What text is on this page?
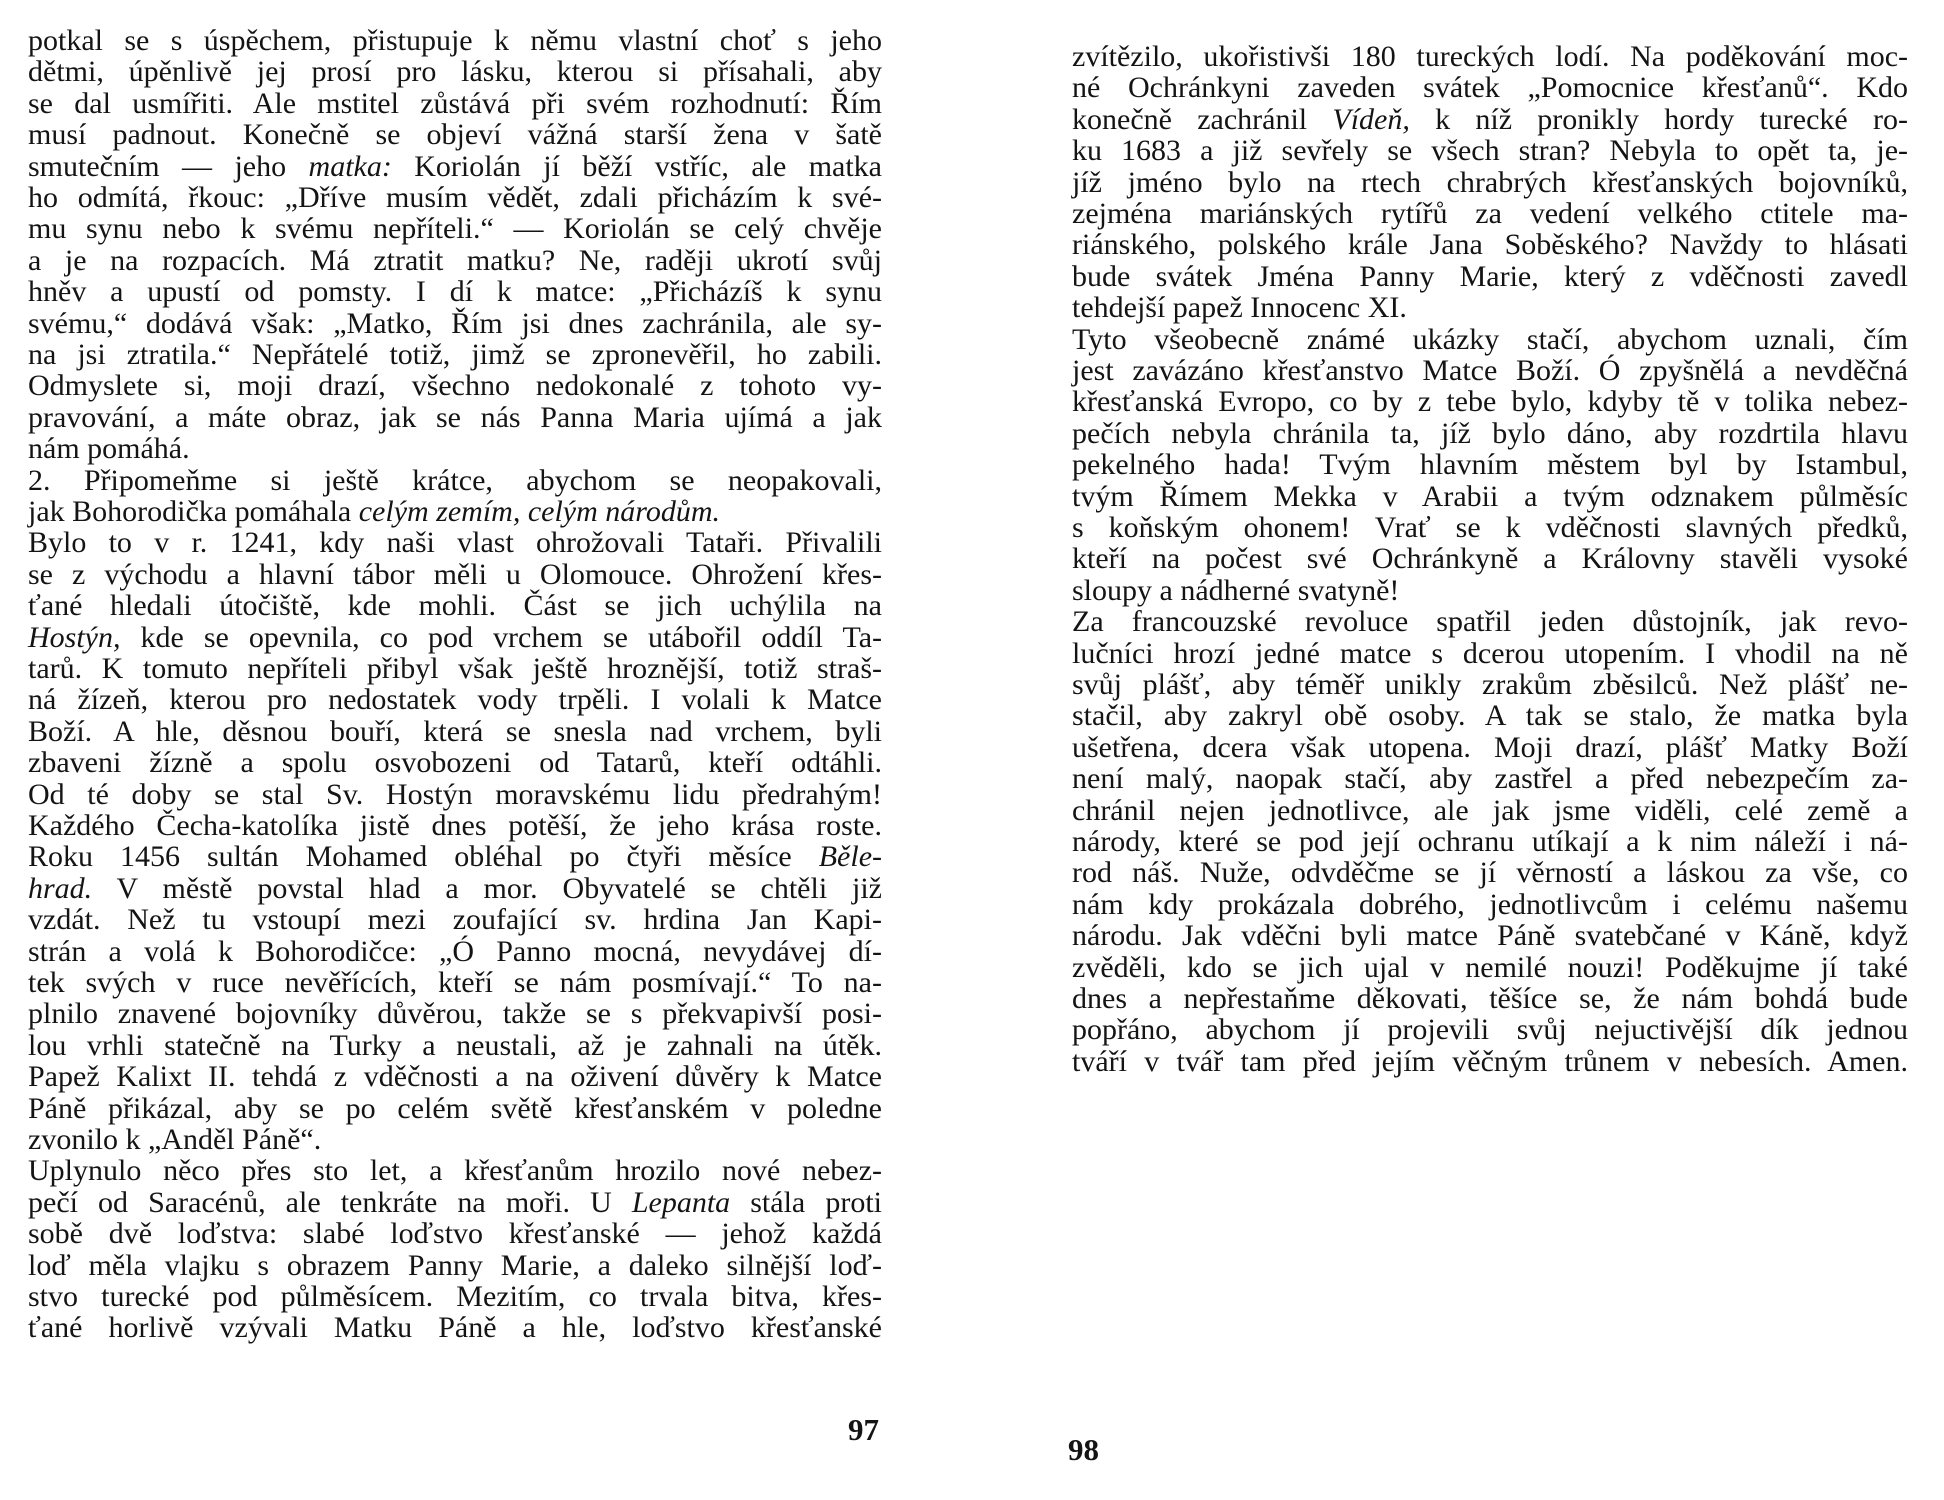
potkal se s úspěchem, přistupuje k němu vlastní choť s jeho
dětmi, úpěnlivě jej prosí pro lásku, kterou si přísahali, aby
se dal usmířiti. Ale mstitel zůstává při svém rozhodnutí: Řím
musí padnout. Konečně se objeví vážná starší žena v šatě
smutečním — jeho matka: Koriolán jí běží vstříc, ale matka
ho odmítá, řkouc: „Dříve musím vědět, zdali přicházím k své-
mu synu nebo k svému nepříteli.“ — Koriolán se celý chvěje
a je na rozpacích. Má ztratit matku? Ne, raději ukrotí svůj
hněv a upustí od pomsty. I dí k matce: „Přicházíš k synu
svému,“ dodává však: „Matko, Řím jsi dnes zachránila, ale sy-
na jsi ztratila.“ Nepřátelé totiž, jimž se zpronevěřil, ho zabili.
Odmyslete si, moji drazí, všechno nedokonalé z tohoto vy-
pravování, a máte obraz, jak se nás Panna Maria ujímá a jak
nám pomáhá.
2. Připomeňme si ještě krátce, abychom se neopakovali,
jak Bohorodička pomáhala celým zemím, celým národům.
Bylo to v r. 1241, kdy naši vlast ohrožovali Tataři. Přivalili
se z východu a hlavní tábor měli u Olomouce. Ohrožení křes-
ťané hledali útočiště, kde mohli. Část se jich uchýlila na
Hostýn, kde se opevnila, co pod vrchem se utábořil oddíl Ta-
tarů. K tomuto nepříteli přibyl však ještě hroznější, totiž straš-
ná žízeň, kterou pro nedostatek vody trpěli. I volali k Matce
Boží. A hle, děsnou bouří, která se snesla nad vrchem, byli
zbaveni žízně a spolu osvobozeni od Tatarů, kteří odtáhli.
Od té doby se stal Sv. Hostýn moravskému lidu předrahým!
Každého Čecha-katolíka jistě dnes potěší, že jeho krása roste.
Roku 1456 sultán Mohamed obléhal po čtyři měsíce Běle-
hrad. V městě povstal hlad a mor. Obyvatelé se chtěli již
vzdát. Než tu vstoupí mezi zoufající sv. hrdina Jan Kapi-
strán a volá k Bohorodičce: „Ó Panno mocná, nevydávej dí-
tek svých v ruce nevěřících, kteří se nám posmívají.“ To na-
plnilo znavené bojovníky důvěrou, takže se s překvapivší posi-
lou vrhli statečně na Turky a neustali, až je zahnali na útěk.
Papež Kalixt II. tehdá z vděčnosti a na oživení důvěry k Matce
Páně přikázal, aby se po celém světě křesťanském v poledne
zvonilo k „Anděl Páně“.
Uplynulo něco přes sto let, a křesťanům hrozilo nové nebez-
pečí od Saracénů, ale tenkráte na moři. U Lepanta stála proti
sobě dvě loďstva: slabé loďstvo křesťanské — jehož každá
loď měla vlajku s obrazem Panny Marie, a daleko silnější loď-
stvo turecké pod půlměsícem. Mezitím, co trvala bitva, křes-
ťané horlivě vzývali Matku Páně a hle, loďstvo křesťanské
97
zvítězilo, ukořistivši 180 tureckých lodí. Na poděkování moc-
né Ochránkyni zaveden svátek „Pomocnice křesťanů“. Kdo
konečně zachránil Vídeň, k níž pronikly hordy turecké ro-
ku 1683 a již sevřely se všech stran? Nebyla to opět ta, je-
jíž jméno bylo na rtech chrabrých křesťanských bojovníků,
zejména mariánských rytířů za vedení velkého ctitele ma-
riánského, polského krále Jana Soběského? Navždy to hlásati
bude svátek Jména Panny Marie, který z vděčnosti zavedl
tehdejší papež Innocenc XI.
Tyto všeobecně známé ukázky stačí, abychom uznali, čím
jest zavázáno křesťanstvo Matce Boží. Ó zpyšnělá a nevděčná
křesťanská Evropo, co by z tebe bylo, kdyby tě v tolika nebez-
pečích nebyla chránila ta, jíž bylo dáno, aby rozdrtila hlavu
pekelného hada! Tvým hlavním městem byl by Istambul,
tvým Římem Mekka v Arabii a tvým odznakem půlměsíc
s koňským ohonem! Vrať se k vděčnosti slavných předků,
kteří na počest své Ochránkyně a Královny stavěli vysoké
sloupy a nádherné svatyně!
Za francouzské revoluce spatřil jeden důstojník, jak revo-
lučníci hrozí jedné matce s dcerou utopením. I vhodil na ně
svůj plášť, aby téměř unikly zrakům zběsilců. Než plášť ne-
stačil, aby zakryl obě osoby. A tak se stalo, že matka byla
ušetřena, dcera však utopena. Moji drazí, plášť Matky Boží
není malý, naopak stačí, aby zastřel a před nebezpečím za-
chránil nejen jednotlivce, ale jak jsme viděli, celé země a
národy, které se pod její ochranu utíkají a k nim náleží i ná-
rod náš. Nuže, odvděčme se jí věrností a láskou za vše, co
nám kdy prokázala dobrého, jednotlivcům i celému našemu
národu. Jak vděčni byli matce Páně svatebčané v Káně, když
zvěděli, kdo se jich ujal v nemilé nouzi! Poděkujme jí také
dnes a nepřestaňme děkovati, těšíce se, že nám bohdá bude
popřáno, abychom jí projevili svůj nejuctivější dík jednou
tváří v tvář tam před jejím věčným trůnem v nebesích. Amen.
98
